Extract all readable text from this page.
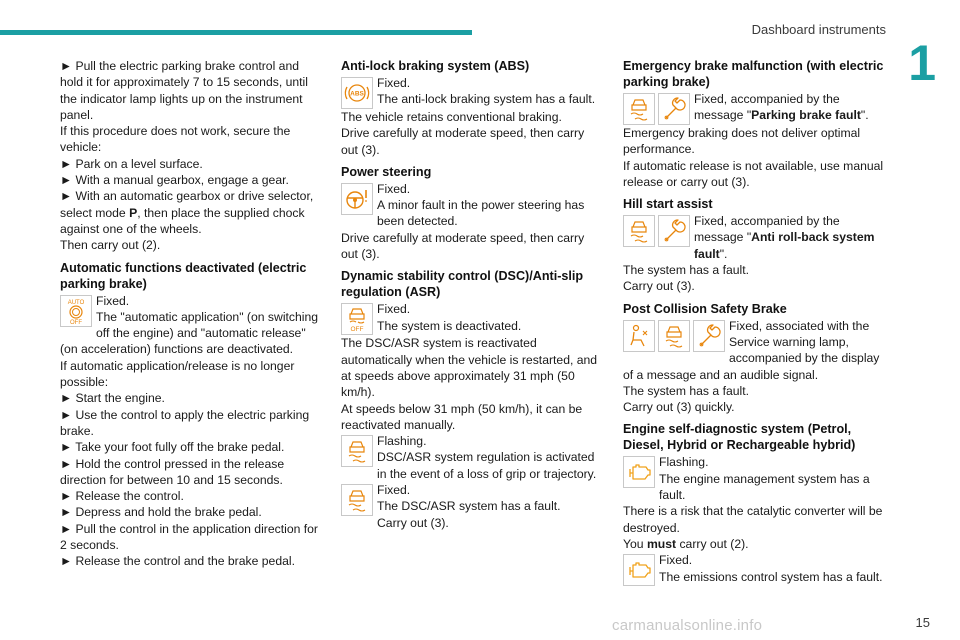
Dashboard instruments
1

► Pull the electric parking brake control and hold it for approximately 7 to 15 seconds, until the indicator lamp lights up on the instrument panel.

If this procedure does not work, secure the vehicle:

► Park on a level surface.

► With a manual gearbox, engage a gear.

► With an automatic gearbox or drive selector, select mode P, then place the supplied chock against one of the wheels.

Then carry out (2).

Automatic functions deactivated (electric parking brake)
AUTO
OFF

Fixed.

The "automatic application" (on switching off the engine) and "automatic release" (on acceleration) functions are deactivated.

If automatic application/release is no longer possible:

► Start the engine.

► Use the control to apply the electric parking brake.

► Take your foot fully off the brake pedal.

► Hold the control pressed in the release direction for between 10 and 15 seconds.

► Release the control.

► Depress and hold the brake pedal.

► Pull the control in the application direction for 2 seconds.

► Release the control and the brake pedal.

Anti-lock braking system (ABS)
ABS

Fixed.

The anti-lock braking system has a fault.

The vehicle retains conventional braking.

Drive carefully at moderate speed, then carry out (3).

Power steering

Fixed.

A minor fault in the power steering has been detected.

Drive carefully at moderate speed, then carry out (3).

Dynamic stability control (DSC)/Anti-slip regulation (ASR)
OFF

Fixed.

The system is deactivated.

The DSC/ASR system is reactivated automatically when the vehicle is restarted, and at speeds above approximately 31 mph (50 km/h).

At speeds below 31 mph (50 km/h), it can be reactivated manually.

Flashing.

DSC/ASR system regulation is activated in the event of a loss of grip or trajectory.

Fixed.

The DSC/ASR system has a fault.

Carry out (3).

Emergency brake malfunction (with electric parking brake)

Fixed, accompanied by the message "Parking brake fault".

Emergency braking does not deliver optimal performance.

If automatic release is not available, use manual release or carry out (3).

Hill start assist

Fixed, accompanied by the message "Anti roll-back system fault".

The system has a fault.

Carry out (3).

Post Collision Safety Brake

Fixed, associated with the Service warning lamp, accompanied by the display of a message and an audible signal.

The system has a fault.

Carry out (3) quickly.

Engine self-diagnostic system (Petrol, Diesel, Hybrid or Rechargeable hybrid)

Flashing.

The engine management system has a fault.

There is a risk that the catalytic converter will be destroyed.

You must carry out (2).

Fixed.

The emissions control system has a fault.

carmanualsonline.info	15
